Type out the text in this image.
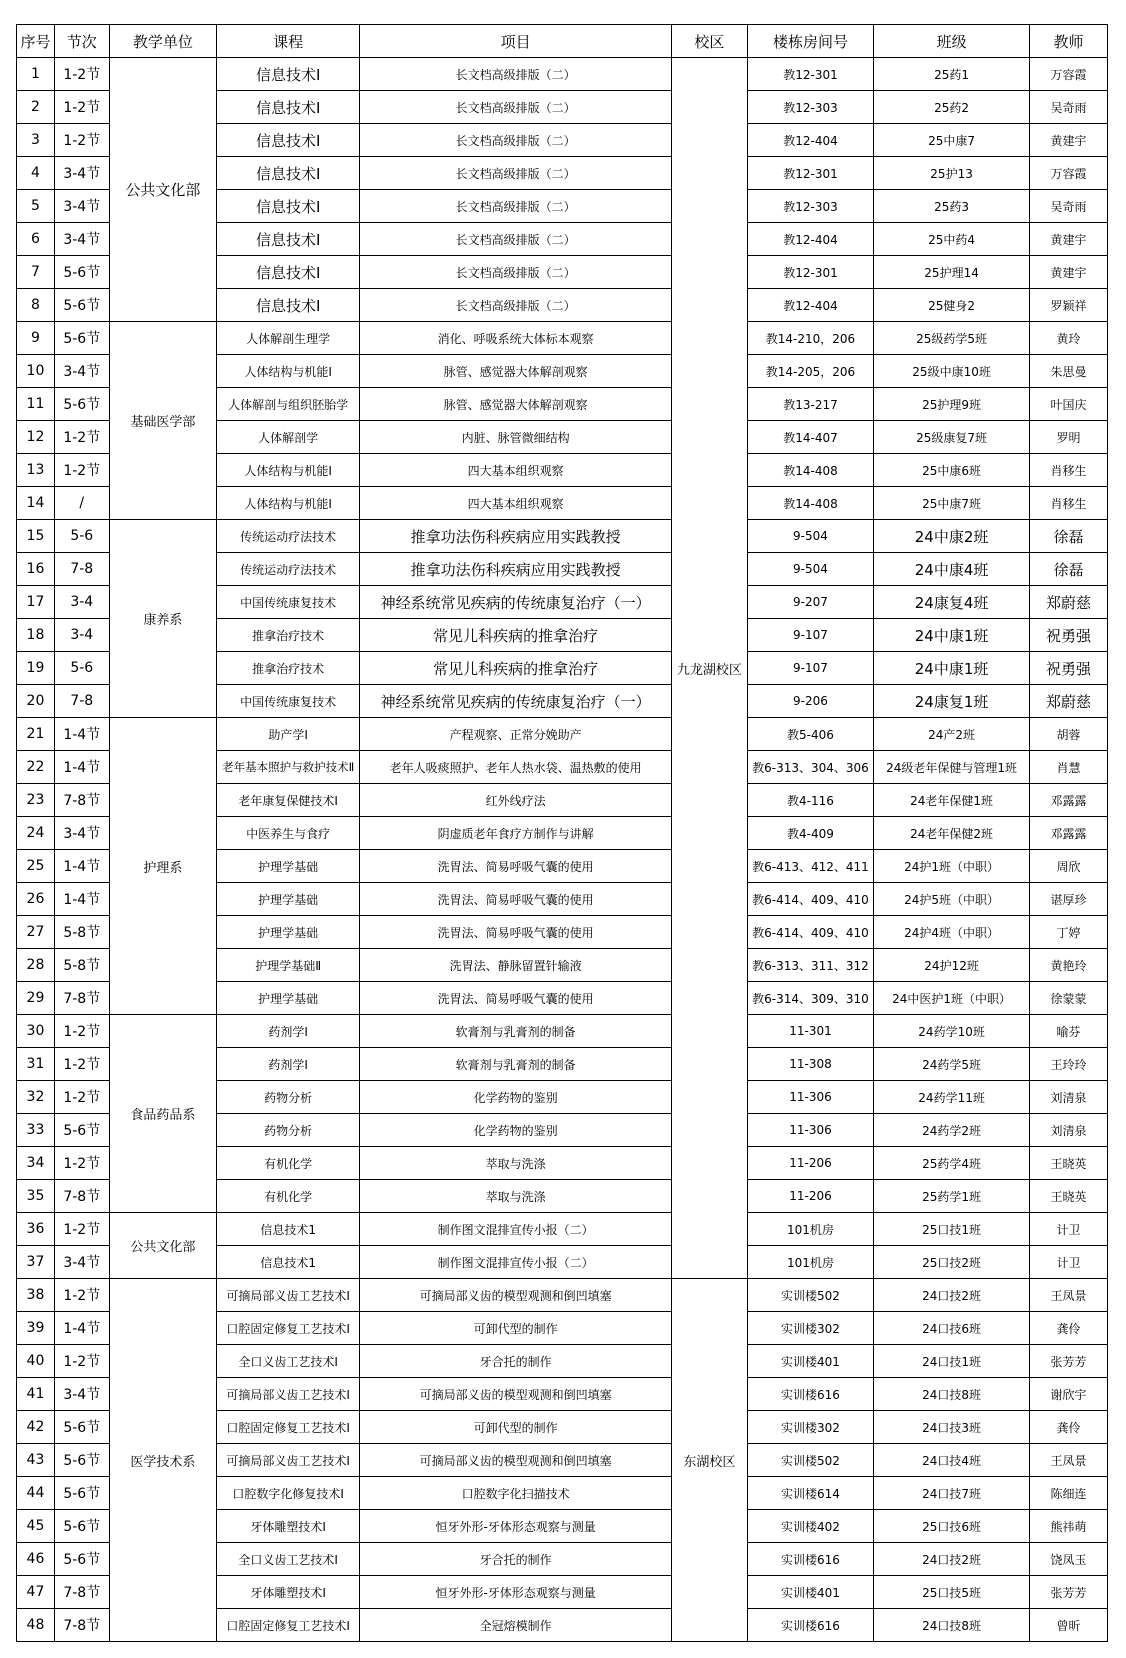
序号	节次	教学单位	课程	项目	校区	楼栋房间号	班级	教师
1	1-2节	公共文化部	信息技术Ⅰ	长文档高级排版（二）	九龙湖校区	教12-301	25药1	万容霞
2	1-2节		信息技术Ⅰ	长文档高级排版（二）		教12-303	25药2	吴奇雨
3	1-2节		信息技术Ⅰ	长文档高级排版（二）		教12-404	25中康7	黄建宇
4	3-4节		信息技术Ⅰ	长文档高级排版（二）		教12-301	25护13	万容霞
5	3-4节		信息技术Ⅰ	长文档高级排版（二）		教12-303	25药3	吴奇雨
6	3-4节		信息技术Ⅰ	长文档高级排版（二）		教12-404	25中药4	黄建宇
7	5-6节		信息技术Ⅰ	长文档高级排版（二）		教12-301	25护理14	黄建宇
8	5-6节		信息技术Ⅰ	长文档高级排版（二）		教12-404	25健身2	罗颖祥
9	5-6节	基础医学部	人体解剖生理学	消化、呼吸系统大体标本观察		教14-210，206	25级药学5班	黄玲
10	3-4节		人体结构与机能Ⅰ	脉管、感觉器大体解剖观察		教14-205，206	25级中康10班	朱思曼
11	5-6节		人体解剖与组织胚胎学	脉管、感觉器大体解剖观察		教13-217	25护理9班	叶国庆
12	1-2节		人体解剖学	内脏、脉管微细结构		教14-407	25级康复7班	罗明
13	1-2节		人体结构与机能Ⅰ	四大基本组织观察		教14-408	25中康6班	肖移生
14	/		人体结构与机能Ⅰ	四大基本组织观察		教14-408	25中康7班	肖移生
15	5-6	康养系	传统运动疗法技术	推拿功法伤科疾病应用实践教授		9-504	24中康2班	徐磊
16	7-8		传统运动疗法技术	推拿功法伤科疾病应用实践教授		9-504	24中康4班	徐磊
17	3-4		中国传统康复技术	神经系统常见疾病的传统康复治疗（一）		9-207	24康复4班	郑蔚慈
18	3-4		推拿治疗技术	常见儿科疾病的推拿治疗		9-107	24中康1班	祝勇强
19	5-6		推拿治疗技术	常见儿科疾病的推拿治疗		9-107	24中康1班	祝勇强
20	7-8		中国传统康复技术	神经系统常见疾病的传统康复治疗（一）		9-206	24康复1班	郑蔚慈
21	1-4节	护理系	助产学Ⅰ	产程观察、正常分娩助产		教5-406	24产2班	胡蓉
22	1-4节		老年基本照护与救护技术Ⅱ	老年人吸痰照护、老年人热水袋、温热敷的使用		教6-313、304、306	24级老年保健与管理1班	肖慧
23	7-8节		老年康复保健技术Ⅰ	红外线疗法		教4-116	24老年保健1班	邓露露
24	3-4节		中医养生与食疗	阴虚质老年食疗方制作与讲解		教4-409	24老年保健2班	邓露露
25	1-4节		护理学基础	洗胃法、简易呼吸气囊的使用		教6-413、412、411	24护1班（中职）	周欣
26	1-4节		护理学基础	洗胃法、简易呼吸气囊的使用		教6-414、409、410	24护5班（中职）	谌厚珍
27	5-8节		护理学基础	洗胃法、简易呼吸气囊的使用		教6-414、409、410	24护4班（中职）	丁婷
28	5-8节		护理学基础Ⅱ	洗胃法、静脉留置针输液		教6-313、311、312	24护12班	黄艳玲
29	7-8节		护理学基础	洗胃法、简易呼吸气囊的使用		教6-314、309、310	24中医护1班（中职）	徐蒙蒙
30	1-2节	食品药品系	药剂学Ⅰ	软膏剂与乳膏剂的制备		11-301	24药学10班	喻芬
31	1-2节		药剂学Ⅰ	软膏剂与乳膏剂的制备		11-308	24药学5班	王玲玲
32	1-2节		药物分析	化学药物的鉴别		11-306	24药学11班	刘清泉
33	5-6节		药物分析	化学药物的鉴别		11-306	24药学2班	刘清泉
34	1-2节		有机化学	萃取与洗涤		11-206	25药学4班	王晓英
35	7-8节		有机化学	萃取与洗涤		11-206	25药学1班	王晓英
36	1-2节	公共文化部	信息技术1	制作图文混排宣传小报（二）		101机房	25口技1班	计卫
37	3-4节		信息技术1	制作图文混排宣传小报（二）		101机房	25口技2班	计卫
38	1-2节	医学技术系	可摘局部义齿工艺技术Ⅰ	可摘局部义齿的模型观测和倒凹填塞	东湖校区	实训楼502	24口技2班	王凤景
39	1-4节		口腔固定修复工艺技术Ⅰ	可卸代型的制作		实训楼302	24口技6班	龚伶
40	1-2节		全口义齿工艺技术Ⅰ	牙合托的制作		实训楼401	24口技1班	张芳芳
41	3-4节		可摘局部义齿工艺技术Ⅰ	可摘局部义齿的模型观测和倒凹填塞		实训楼616	24口技8班	谢欣宇
42	5-6节		口腔固定修复工艺技术Ⅰ	可卸代型的制作		实训楼302	24口技3班	龚伶
43	5-6节		可摘局部义齿工艺技术Ⅰ	可摘局部义齿的模型观测和倒凹填塞		实训楼502	24口技4班	王凤景
44	5-6节		口腔数字化修复技术Ⅰ	口腔数字化扫描技术		实训楼614	24口技7班	陈细连
45	5-6节		牙体雕塑技术Ⅰ	恒牙外形-牙体形态观察与测量		实训楼402	25口技6班	熊祎萌
46	5-6节		全口义齿工艺技术Ⅰ	牙合托的制作		实训楼616	24口技2班	饶凤玉
47	7-8节		牙体雕塑技术Ⅰ	恒牙外形-牙体形态观察与测量		实训楼401	25口技5班	张芳芳
48	7-8节		口腔固定修复工艺技术Ⅰ	全冠熔模制作		实训楼616	24口技8班	曾昕
